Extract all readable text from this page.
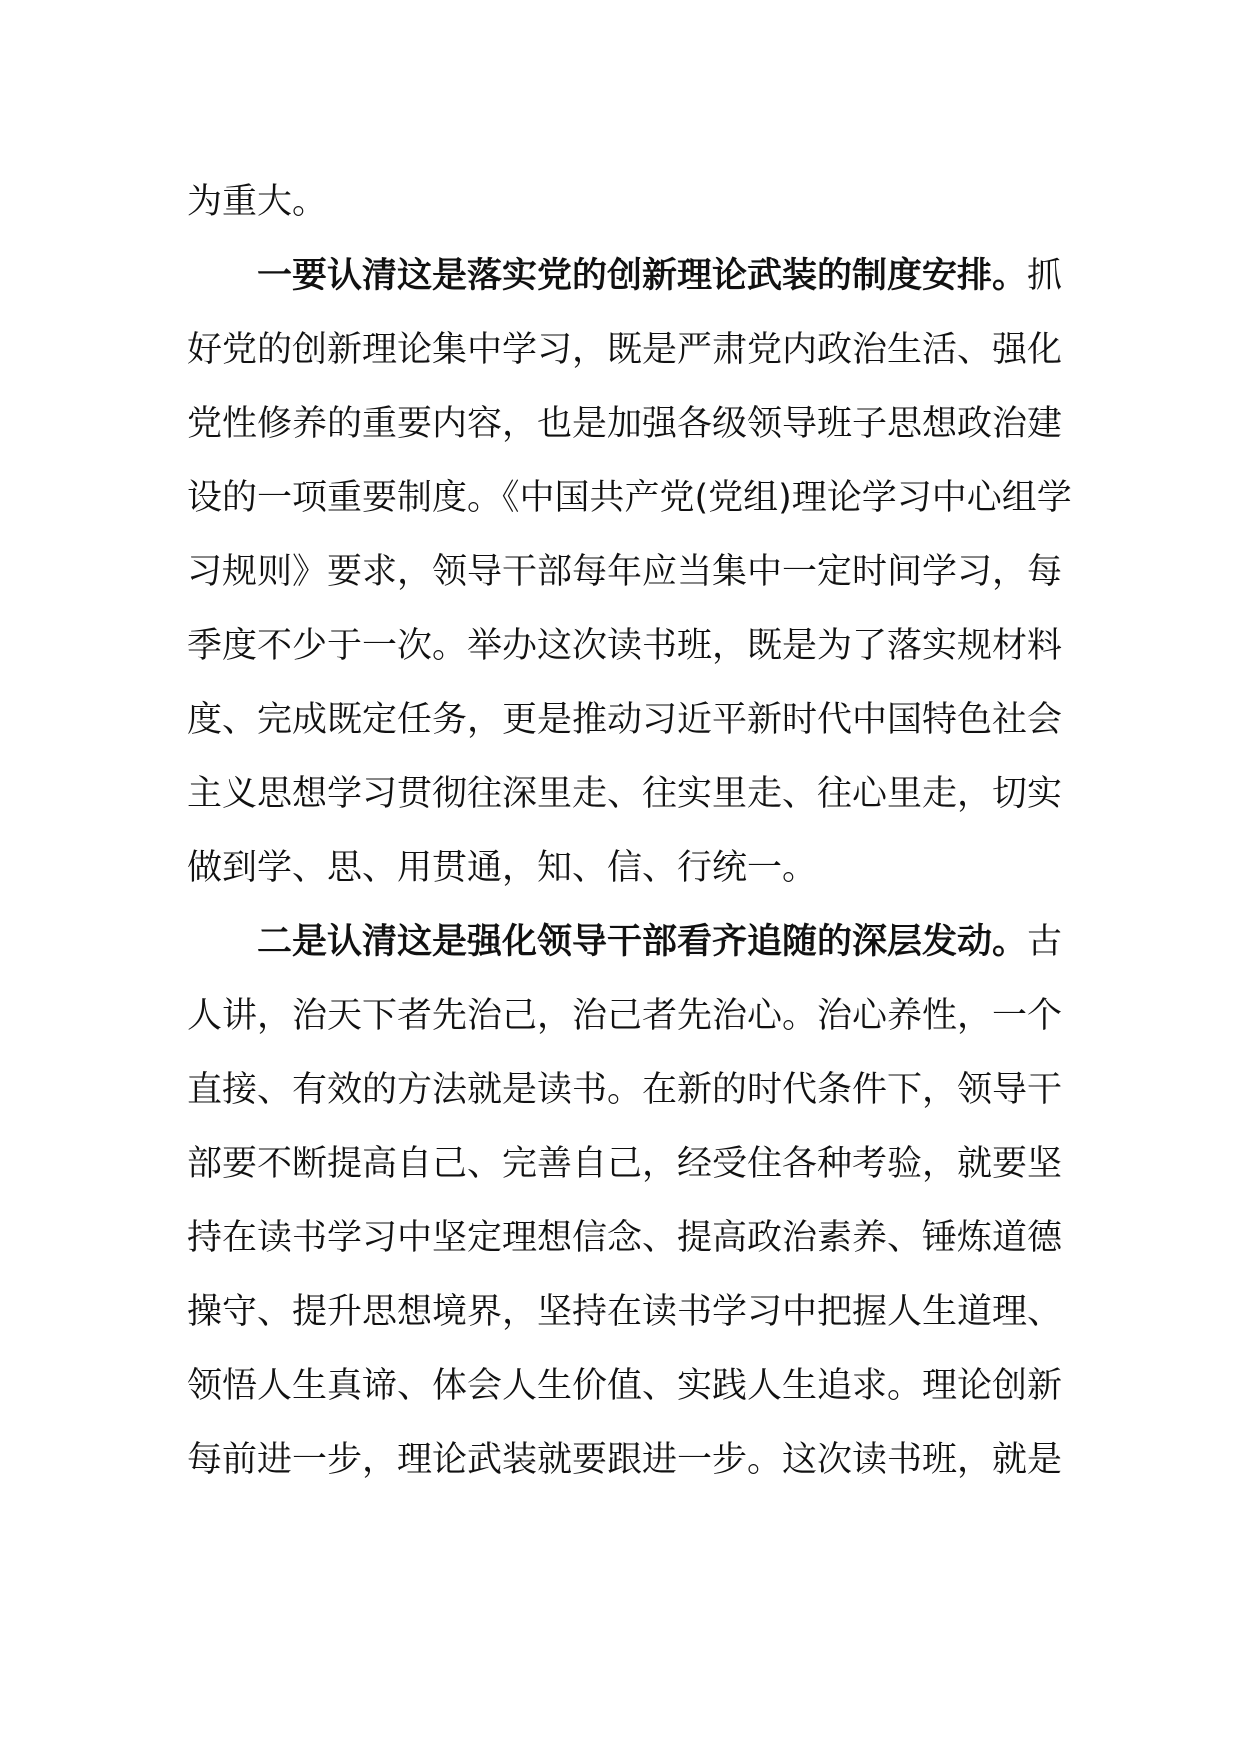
为重大。
一要认清这是落实党的创新理论武装的制度安排。抓
好党的创新理论集中学习，既是严肃党内政治生活、强化
党性修养的重要内容，也是加强各级领导班子思想政治建
设的一项重要制度。《中国共产党(党组)理论学习中心组学
习规则》要求，领导干部每年应当集中一定时间学习，每
季度不少于一次。举办这次读书班，既是为了落实规材料
度、完成既定任务，更是推动习近平新时代中国特色社会
主义思想学习贯彻往深里走、往实里走、往心里走，切实
做到学、思、用贯通，知、信、行统一。
二是认清这是强化领导干部看齐追随的深层发动。古
人讲，治天下者先治己，治己者先治心。治心养性，一个
直接、有效的方法就是读书。在新的时代条件下，领导干
部要不断提高自己、完善自己，经受住各种考验，就要坚
持在读书学习中坚定理想信念、提高政治素养、锤炼道德
操守、提升思想境界，坚持在读书学习中把握人生道理、
领悟人生真谛、体会人生价值、实践人生追求。理论创新
每前进一步，理论武装就要跟进一步。这次读书班，就是
